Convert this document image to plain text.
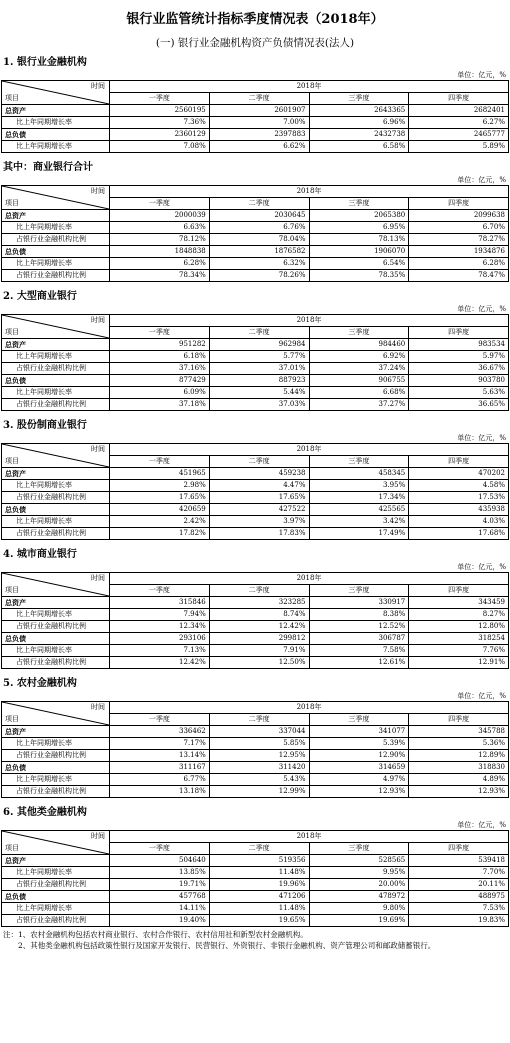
银行业监管统计指标季度情况表（2018年）
(一) 银行业金融机构资产负债情况表(法人)
1. 银行业金融机构
单位：亿元，%
时间
项目	2018年			
	一季度	二季度	三季度	四季度
总资产	2560195	2601907	2643365	2682401
比上年同期增长率	7.36%	7.00%	6.96%	6.27%
总负债	2360129	2397883	2432738	2465777
比上年同期增长率	7.08%	6.62%	6.58%	5.89%
其中：商业银行合计
单位：亿元，%
时间
项目	2018年			
	一季度	二季度	三季度	四季度
总资产	2000039	2030645	2065380	2099638
比上年同期增长率	6.63%	6.76%	6.95%	6.70%
占银行业金融机构比例	78.12%	78.04%	78.13%	78.27%
总负债	1848838	1876582	1906070	1934876
比上年同期增长率	6.28%	6.32%	6.54%	6.28%
占银行业金融机构比例	78.34%	78.26%	78.35%	78.47%
2. 大型商业银行
单位：亿元，%
时间
项目	2018年			
	一季度	二季度	三季度	四季度
总资产	951282	962984	984460	983534
比上年同期增长率	6.18%	5.77%	6.92%	5.97%
占银行业金融机构比例	37.16%	37.01%	37.24%	36.67%
总负债	877429	887923	906755	903780
比上年同期增长率	6.09%	5.44%	6.68%	5.63%
占银行业金融机构比例	37.18%	37.03%	37.27%	36.65%
3. 股份制商业银行
单位：亿元，%
时间
项目	2018年			
	一季度	二季度	三季度	四季度
总资产	451965	459238	458345	470202
比上年同期增长率	2.98%	4.47%	3.95%	4.58%
占银行业金融机构比例	17.65%	17.65%	17.34%	17.53%
总负债	420659	427522	425565	435938
比上年同期增长率	2.42%	3.97%	3.42%	4.03%
占银行业金融机构比例	17.82%	17.83%	17.49%	17.68%
4. 城市商业银行
单位：亿元，%
时间
项目	2018年			
	一季度	二季度	三季度	四季度
总资产	315846	323285	330917	343459
比上年同期增长率	7.94%	8.74%	8.38%	8.27%
占银行业金融机构比例	12.34%	12.42%	12.52%	12.80%
总负债	293106	299812	306787	318254
比上年同期增长率	7.13%	7.91%	7.58%	7.76%
占银行业金融机构比例	12.42%	12.50%	12.61%	12.91%
5. 农村金融机构
单位：亿元，%
时间
项目	2018年			
	一季度	二季度	三季度	四季度
总资产	336462	337044	341077	345788
比上年同期增长率	7.17%	5.85%	5.39%	5.36%
占银行业金融机构比例	13.14%	12.95%	12.90%	12.89%
总负债	311167	311420	314659	318830
比上年同期增长率	6.77%	5.43%	4.97%	4.89%
占银行业金融机构比例	13.18%	12.99%	12.93%	12.93%
6. 其他类金融机构
单位：亿元，%
时间
项目	2018年			
	一季度	二季度	三季度	四季度
总资产	504640	519356	528565	539418
比上年同期增长率	13.85%	11.48%	9.95%	7.70%
占银行业金融机构比例	19.71%	19.96%	20.00%	20.11%
总负债	457768	471206	478972	488975
比上年同期增长率	14.11%	11.48%	9.80%	7.53%
占银行业金融机构比例	19.40%	19.65%	19.69%	19.83%
注：1、农村金融机构包括农村商业银行、农村合作银行、农村信用社和新型农村金融机构。
　　2、其他类金融机构包括政策性银行及国家开发银行、民营银行、外资银行、非银行金融机构、资产管理公司和邮政储蓄银行。
